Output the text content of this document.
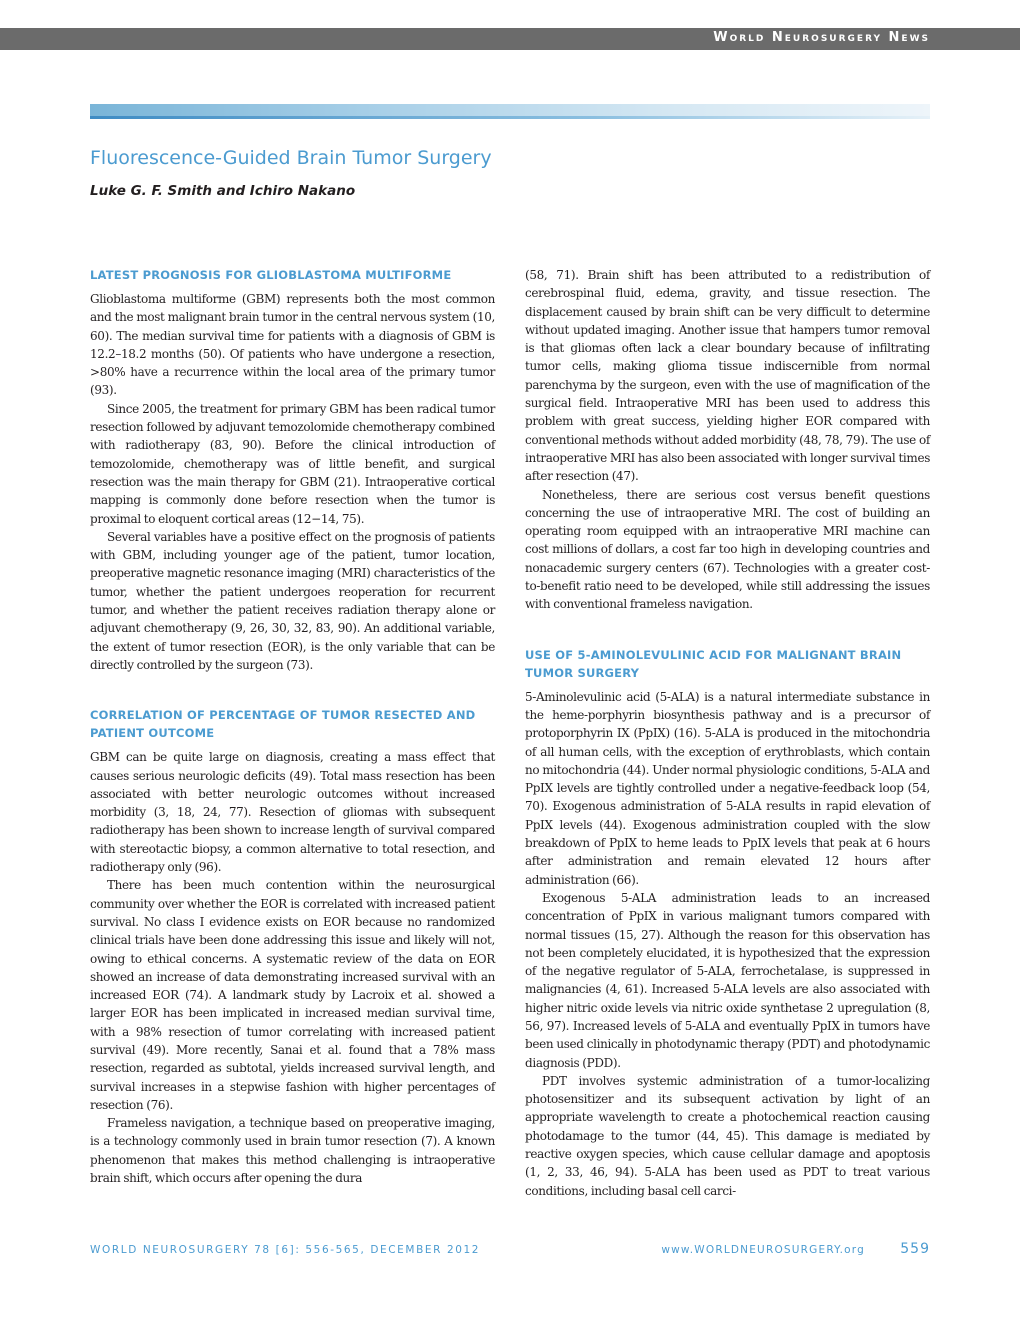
World Neurosurgery News
Fluorescence-Guided Brain Tumor Surgery
Luke G. F. Smith and Ichiro Nakano
LATEST PROGNOSIS FOR GLIOBLASTOMA MULTIFORME

Glioblastoma multiforme (GBM) represents both the most common and the most malignant brain tumor in the central nervous system (10, 60). The median survival time for patients with a diagnosis of GBM is 12.2–18.2 months (50). Of patients who have undergone a resection, >80% have a recurrence within the local area of the primary tumor (93).

Since 2005, the treatment for primary GBM has been radical tumor resection followed by adjuvant temozolomide chemotherapy combined with radiotherapy (83, 90). Before the clinical introduction of temozolomide, chemotherapy was of little benefit, and surgical resection was the main therapy for GBM (21). Intraoperative cortical mapping is commonly done before resection when the tumor is proximal to eloquent cortical areas (12−14, 75).

Several variables have a positive effect on the prognosis of patients with GBM, including younger age of the patient, tumor location, preoperative magnetic resonance imaging (MRI) characteristics of the tumor, whether the patient undergoes reoperation for recurrent tumor, and whether the patient receives radiation therapy alone or adjuvant chemotherapy (9, 26, 30, 32, 83, 90). An additional variable, the extent of tumor resection (EOR), is the only variable that can be directly controlled by the surgeon (73).

CORRELATION OF PERCENTAGE OF TUMOR RESECTED AND PATIENT OUTCOME

GBM can be quite large on diagnosis, creating a mass effect that causes serious neurologic deficits (49). Total mass resection has been associated with better neurologic outcomes without increased morbidity (3, 18, 24, 77). Resection of gliomas with subsequent radiotherapy has been shown to increase length of survival compared with stereotactic biopsy, a common alternative to total resection, and radiotherapy only (96).

There has been much contention within the neurosurgical community over whether the EOR is correlated with increased patient survival. No class I evidence exists on EOR because no randomized clinical trials have been done addressing this issue and likely will not, owing to ethical concerns. A systematic review of the data on EOR showed an increase of data demonstrating increased survival with an increased EOR (74). A landmark study by Lacroix et al. showed a larger EOR has been implicated in increased median survival time, with a 98% resection of tumor correlating with increased patient survival (49). More recently, Sanai et al. found that a 78% mass resection, regarded as subtotal, yields increased survival length, and survival increases in a stepwise fashion with higher percentages of resection (76).

Frameless navigation, a technique based on preoperative imaging, is a technology commonly used in brain tumor resection (7). A known phenomenon that makes this method challenging is intraoperative brain shift, which occurs after opening the dura

(58, 71). Brain shift has been attributed to a redistribution of cerebrospinal fluid, edema, gravity, and tissue resection. The displacement caused by brain shift can be very difficult to determine without updated imaging. Another issue that hampers tumor removal is that gliomas often lack a clear boundary because of infiltrating tumor cells, making glioma tissue indiscernible from normal parenchyma by the surgeon, even with the use of magnification of the surgical field. Intraoperative MRI has been used to address this problem with great success, yielding higher EOR compared with conventional methods without added morbidity (48, 78, 79). The use of intraoperative MRI has also been associated with longer survival times after resection (47).

Nonetheless, there are serious cost versus benefit questions concerning the use of intraoperative MRI. The cost of building an operating room equipped with an intraoperative MRI machine can cost millions of dollars, a cost far too high in developing countries and nonacademic surgery centers (67). Technologies with a greater cost-to-benefit ratio need to be developed, while still addressing the issues with conventional frameless navigation.

USE OF 5-AMINOLEVULINIC ACID FOR MALIGNANT BRAIN TUMOR SURGERY

5-Aminolevulinic acid (5-ALA) is a natural intermediate substance in the heme-porphyrin biosynthesis pathway and is a precursor of protoporphyrin IX (PpIX) (16). 5-ALA is produced in the mitochondria of all human cells, with the exception of erythroblasts, which contain no mitochondria (44). Under normal physiologic conditions, 5-ALA and PpIX levels are tightly controlled under a negative-feedback loop (54, 70). Exogenous administration of 5-ALA results in rapid elevation of PpIX levels (44). Exogenous administration coupled with the slow breakdown of PpIX to heme leads to PpIX levels that peak at 6 hours after administration and remain elevated 12 hours after administration (66).

Exogenous 5-ALA administration leads to an increased concentration of PpIX in various malignant tumors compared with normal tissues (15, 27). Although the reason for this observation has not been completely elucidated, it is hypothesized that the expression of the negative regulator of 5-ALA, ferrochetalase, is suppressed in malignancies (4, 61). Increased 5-ALA levels are also associated with higher nitric oxide levels via nitric oxide synthetase 2 upregulation (8, 56, 97). Increased levels of 5-ALA and eventually PpIX in tumors have been used clinically in photodynamic therapy (PDT) and photodynamic diagnosis (PDD).

PDT involves systemic administration of a tumor-localizing photosensitizer and its subsequent activation by light of an appropriate wavelength to create a photochemical reaction causing photodamage to the tumor (44, 45). This damage is mediated by reactive oxygen species, which cause cellular damage and apoptosis (1, 2, 33, 46, 94). 5-ALA has been used as PDT to treat various conditions, including basal cell carci-

WORLD NEUROSURGERY 78 [6]: 556-565, DECEMBER 2012	www.WORLDNEUROSURGERY.org	559
